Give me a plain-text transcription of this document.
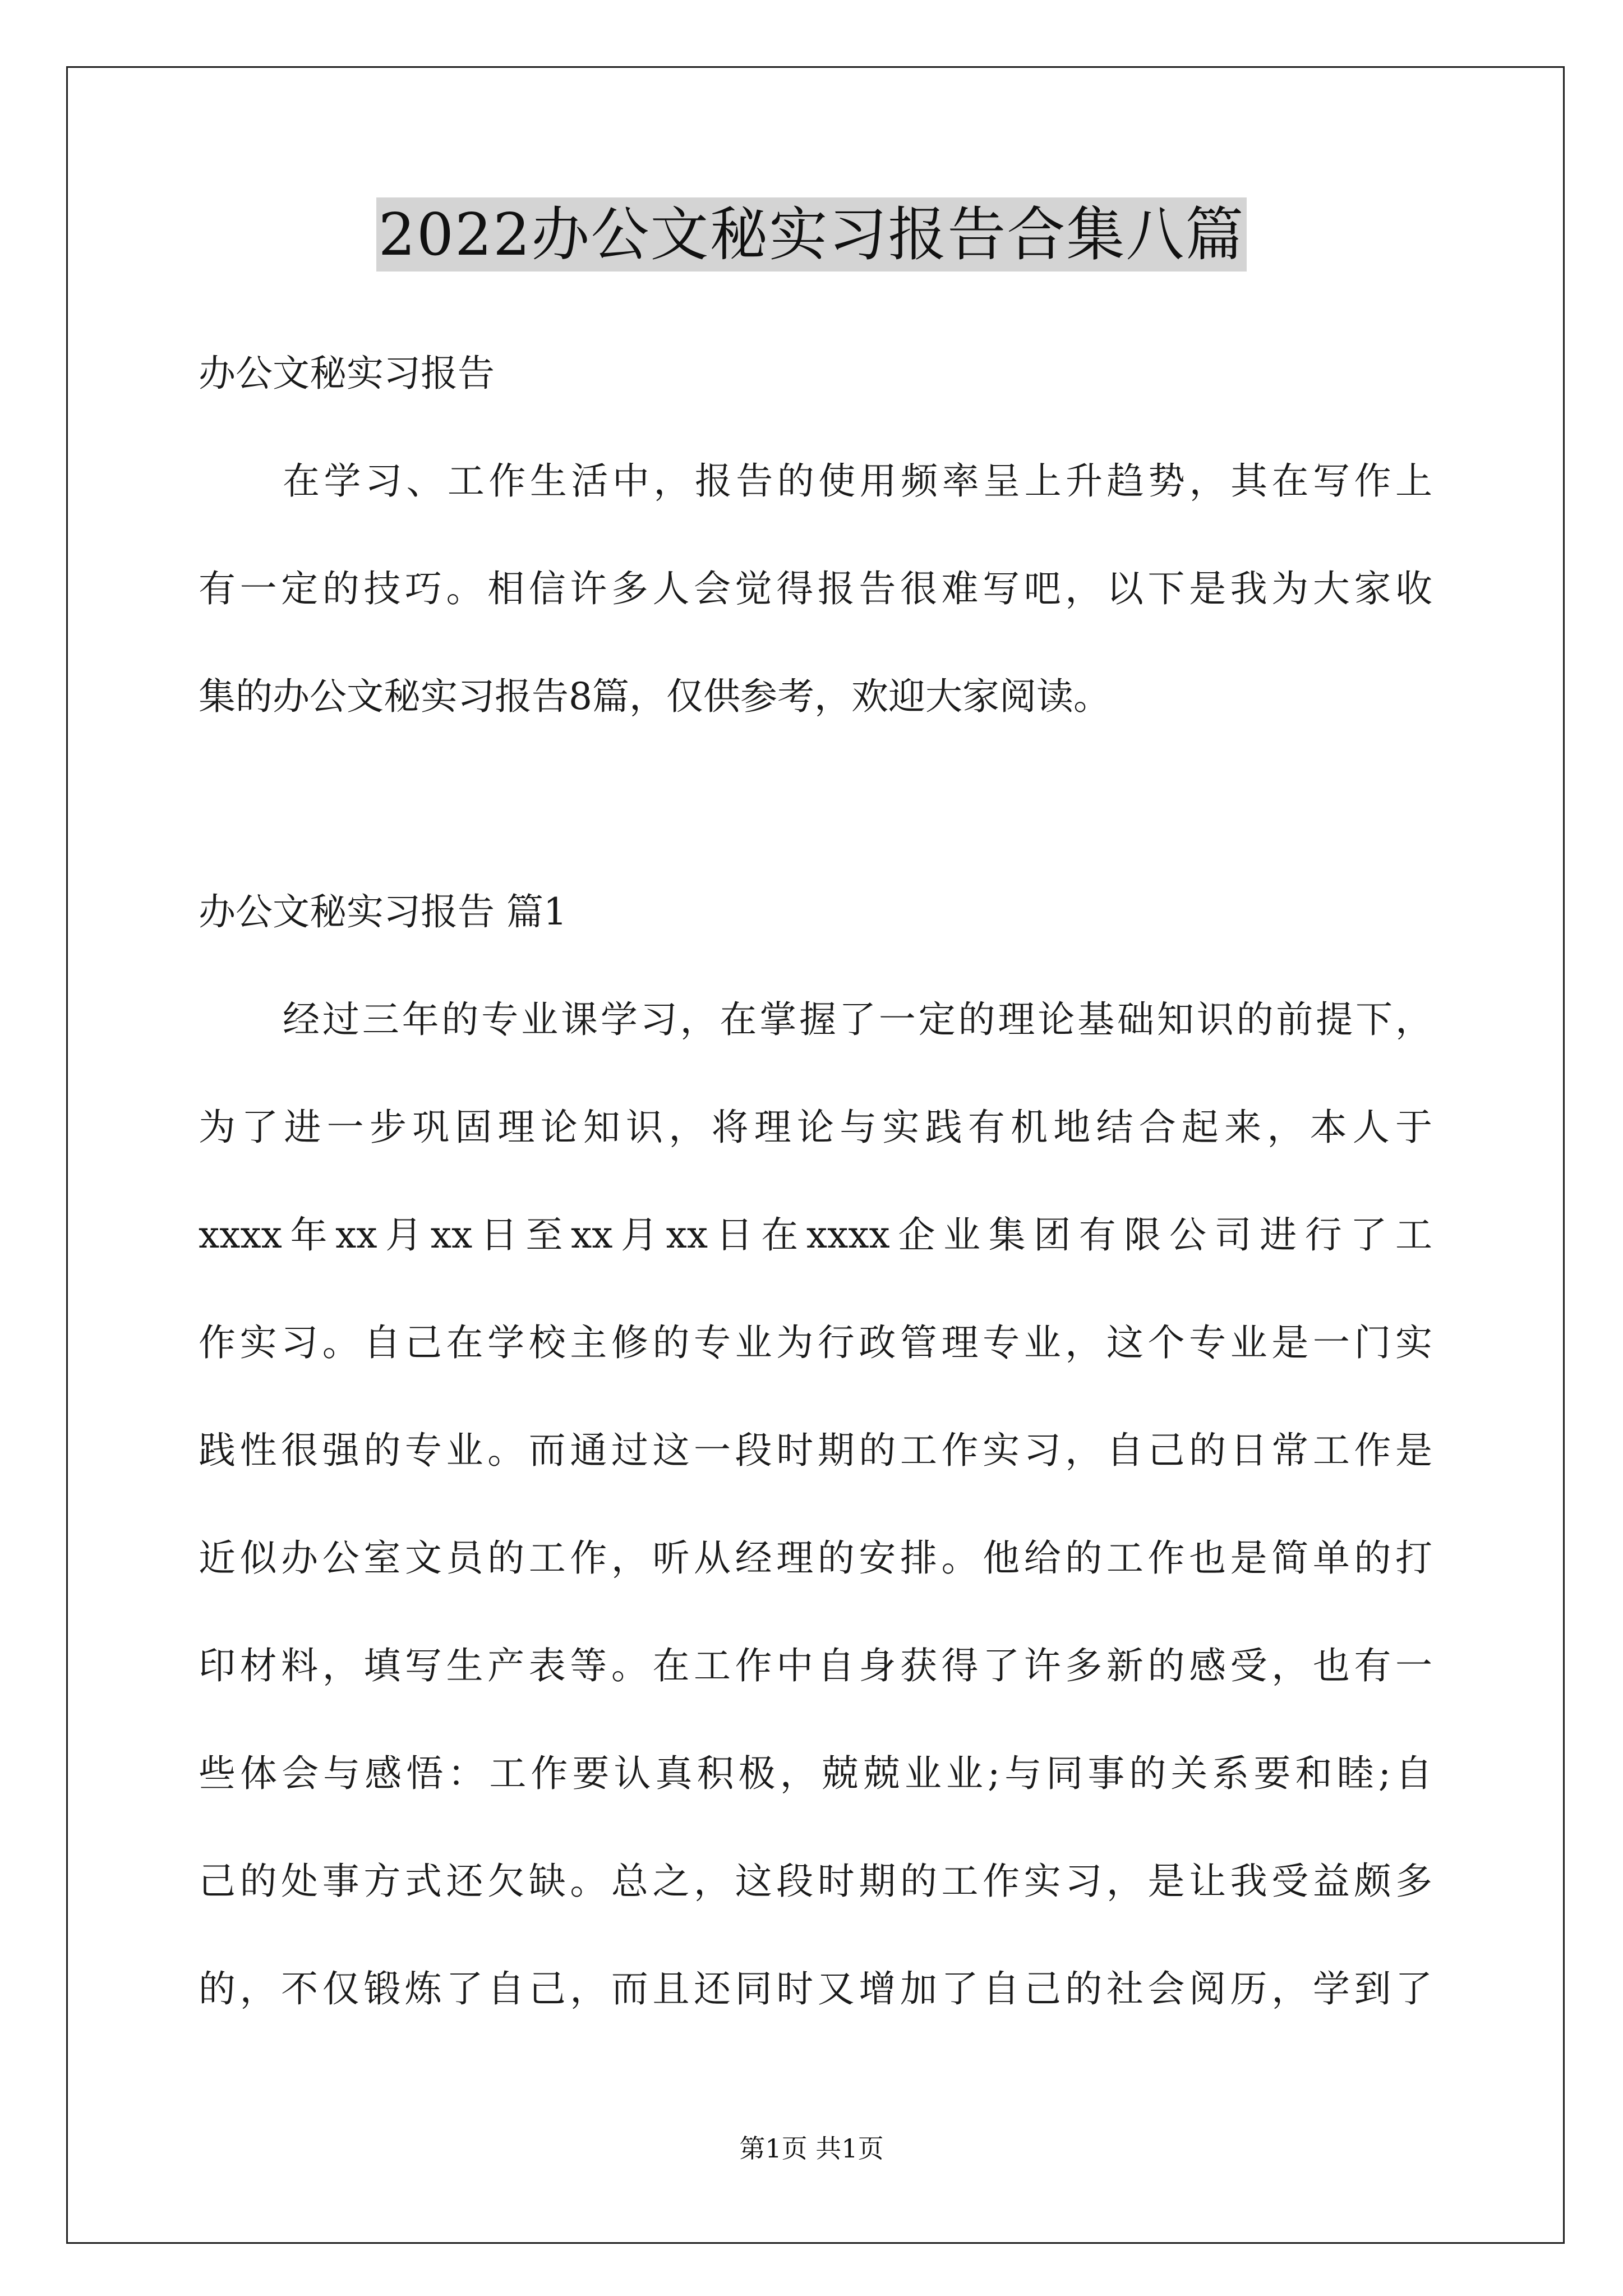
2022办公文秘实习报告合集八篇
办公文秘实习报告
在学习、工作生活中，报告的使用频率呈上升趋势，其在写作上
有一定的技巧。相信许多人会觉得报告很难写吧，以下是我为大家收
集的办公文秘实习报告8篇，仅供参考，欢迎大家阅读。
办公文秘实习报告 篇1
经过三年的专业课学习，在掌握了一定的理论基础知识的前提下，
为了进一步巩固理论知识，将理论与实践有机地结合起来，本人于
xxxx年xx月xx日至xx月xx日在xxxx企业集团有限公司进行了工
作实习。自己在学校主修的专业为行政管理专业，这个专业是一门实
践性很强的专业。而通过这一段时期的工作实习，自己的日常工作是
近似办公室文员的工作，听从经理的安排。他给的工作也是简单的打
印材料，填写生产表等。在工作中自身获得了许多新的感受，也有一
些体会与感悟：工作要认真积极，兢兢业业;与同事的关系要和睦;自
己的处事方式还欠缺。总之，这段时期的工作实习，是让我受益颇多
的，不仅锻炼了自己，而且还同时又增加了自己的社会阅历，学到了
第1页 共1页
